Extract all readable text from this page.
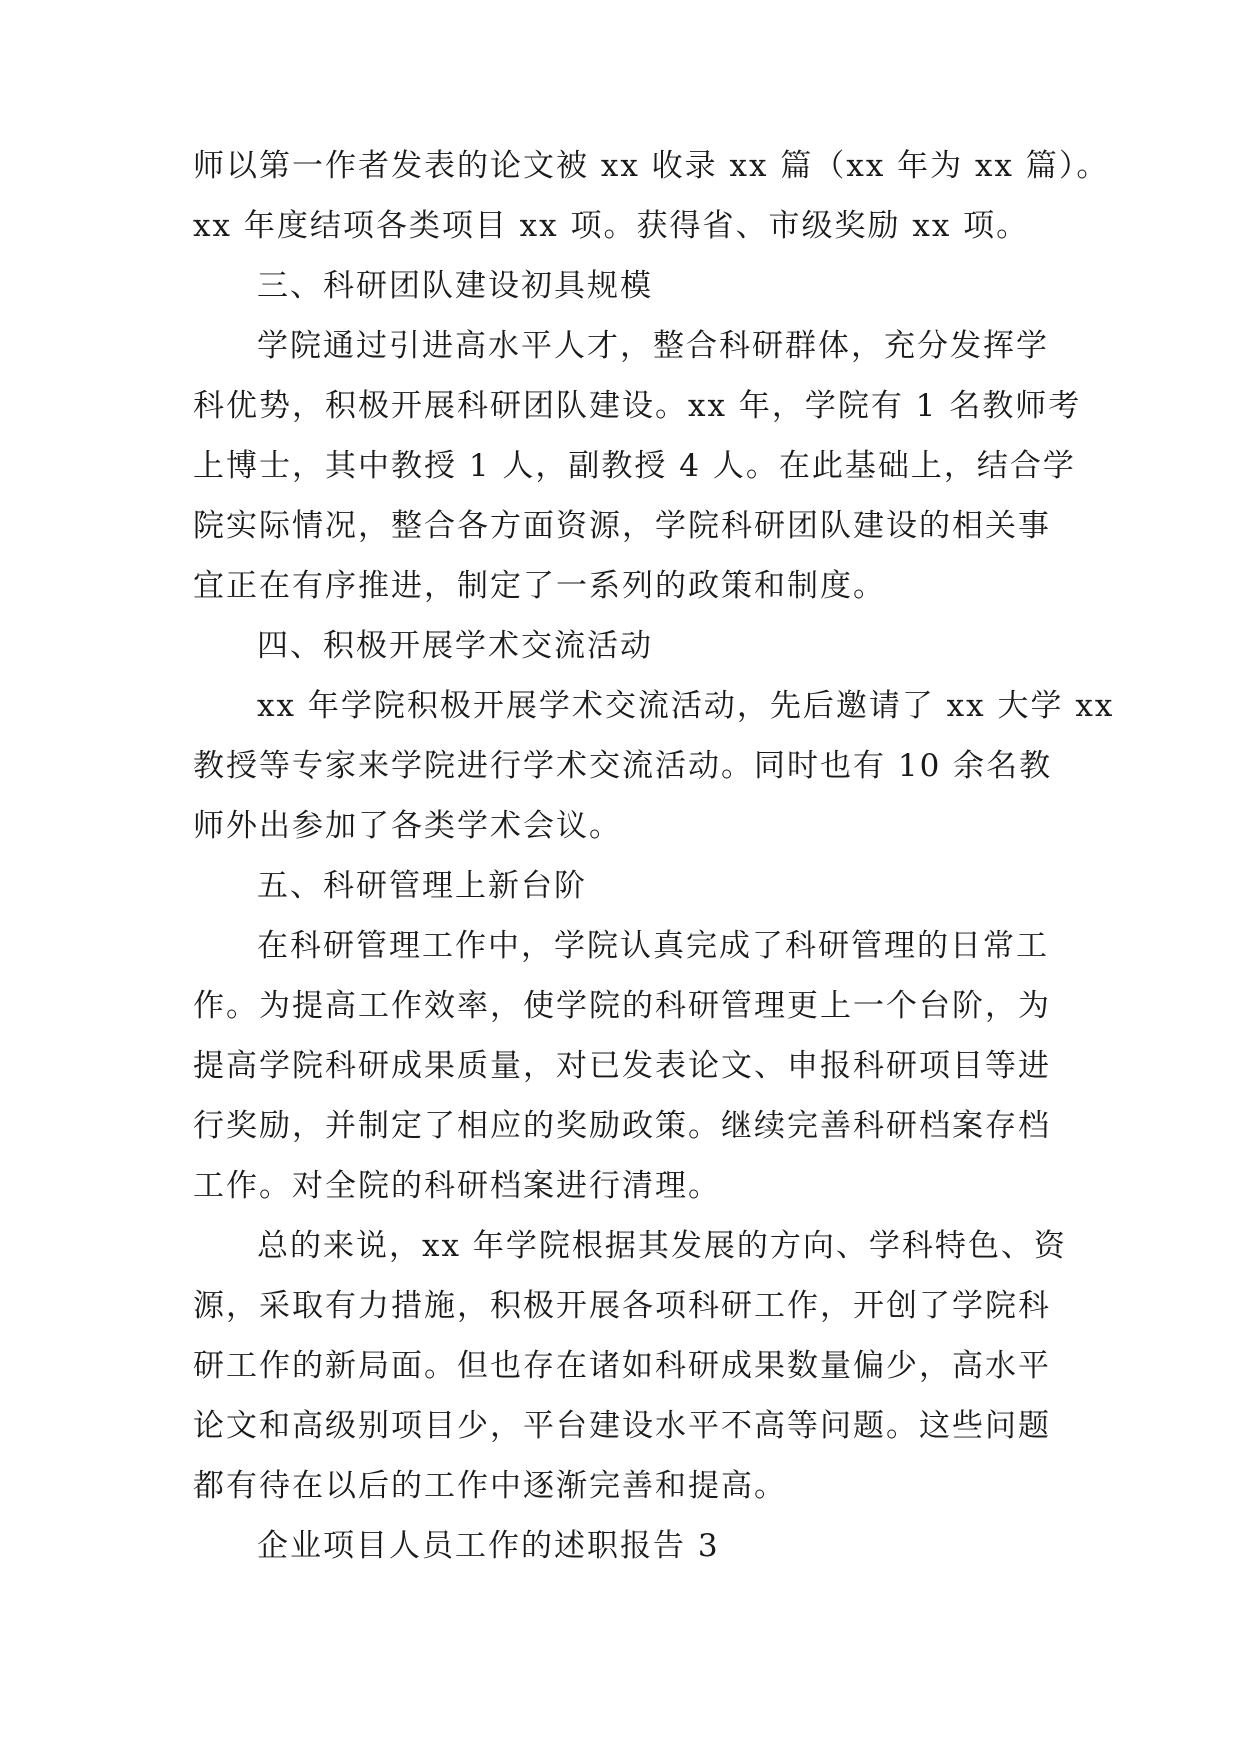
师以第一作者发表的论文被 xx 收录 xx 篇（xx 年为 xx 篇）。
xx 年度结项各类项目 xx 项。获得省、市级奖励 xx 项。
三、科研团队建设初具规模
学院通过引进高水平人才，整合科研群体，充分发挥学
科优势，积极开展科研团队建设。xx 年，学院有 1 名教师考
上博士，其中教授 1 人，副教授 4 人。在此基础上，结合学
院实际情况，整合各方面资源，学院科研团队建设的相关事
宜正在有序推进，制定了一系列的政策和制度。
四、积极开展学术交流活动
xx 年学院积极开展学术交流活动，先后邀请了 xx 大学 xx
教授等专家来学院进行学术交流活动。同时也有 10 余名教
师外出参加了各类学术会议。
五、科研管理上新台阶
在科研管理工作中，学院认真完成了科研管理的日常工
作。为提高工作效率，使学院的科研管理更上一个台阶，为
提高学院科研成果质量，对已发表论文、申报科研项目等进
行奖励，并制定了相应的奖励政策。继续完善科研档案存档
工作。对全院的科研档案进行清理。
总的来说，xx 年学院根据其发展的方向、学科特色、资
源，采取有力措施，积极开展各项科研工作，开创了学院科
研工作的新局面。但也存在诸如科研成果数量偏少，高水平
论文和高级别项目少，平台建设水平不高等问题。这些问题
都有待在以后的工作中逐渐完善和提高。
企业项目人员工作的述职报告 3
